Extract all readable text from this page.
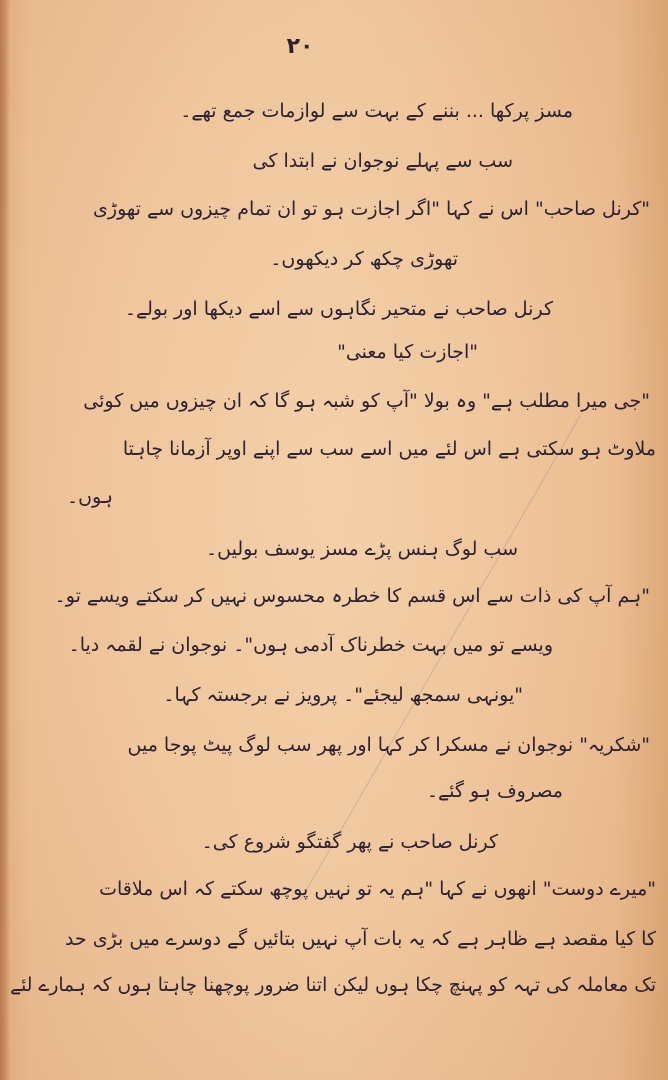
۲۰
مسز پرکھا ... بننے کے بہت سے لوازمات جمع تھے۔
سب سے پہلے نوجوان نے ابتدا کی
"کرنل صاحب" اس نے کہا "اگر اجازت ہو تو ان تمام چیزوں سے تھوڑی
تھوڑی چکھ کر دیکھوں۔
کرنل صاحب نے متحیر نگاہوں سے اسے دیکھا اور بولے۔
"اجازت کیا معنی"
"جی میرا مطلب ہے" وہ بولا "آپ کو شبہ ہو گا کہ ان چیزوں میں کوئی
ملاوٹ ہو سکتی ہے اس لئے میں اسے سب سے اپنے اوپر آزمانا چاہتا
ہوں۔
سب لوگ ہنس پڑے مسز یوسف بولیں۔
"ہم آپ کی ذات سے اس قسم کا خطرہ محسوس نہیں کر سکتے ویسے تو۔
ویسے تو میں بہت خطرناک آدمی ہوں"۔ نوجوان نے لقمہ دیا۔
"یونہی سمجھ لیجئے"۔ پرویز نے برجستہ کہا۔
"شکریہ" نوجوان نے مسکرا کر کہا اور پھر سب لوگ پیٹ پوجا میں
مصروف ہو گئے۔
کرنل صاحب نے پھر گفتگو شروع کی۔
"میرے دوست" انھوں نے کہا "ہم یہ تو نہیں پوچھ سکتے کہ اس ملاقات
کا کیا مقصد ہے ظاہر ہے کہ یہ بات آپ نہیں بتائیں گے دوسرے میں بڑی حد
تک معاملہ کی تہہ کو پہنچ چکا ہوں لیکن اتنا ضرور پوچھنا چاہتا ہوں کہ ہمارے لئے
